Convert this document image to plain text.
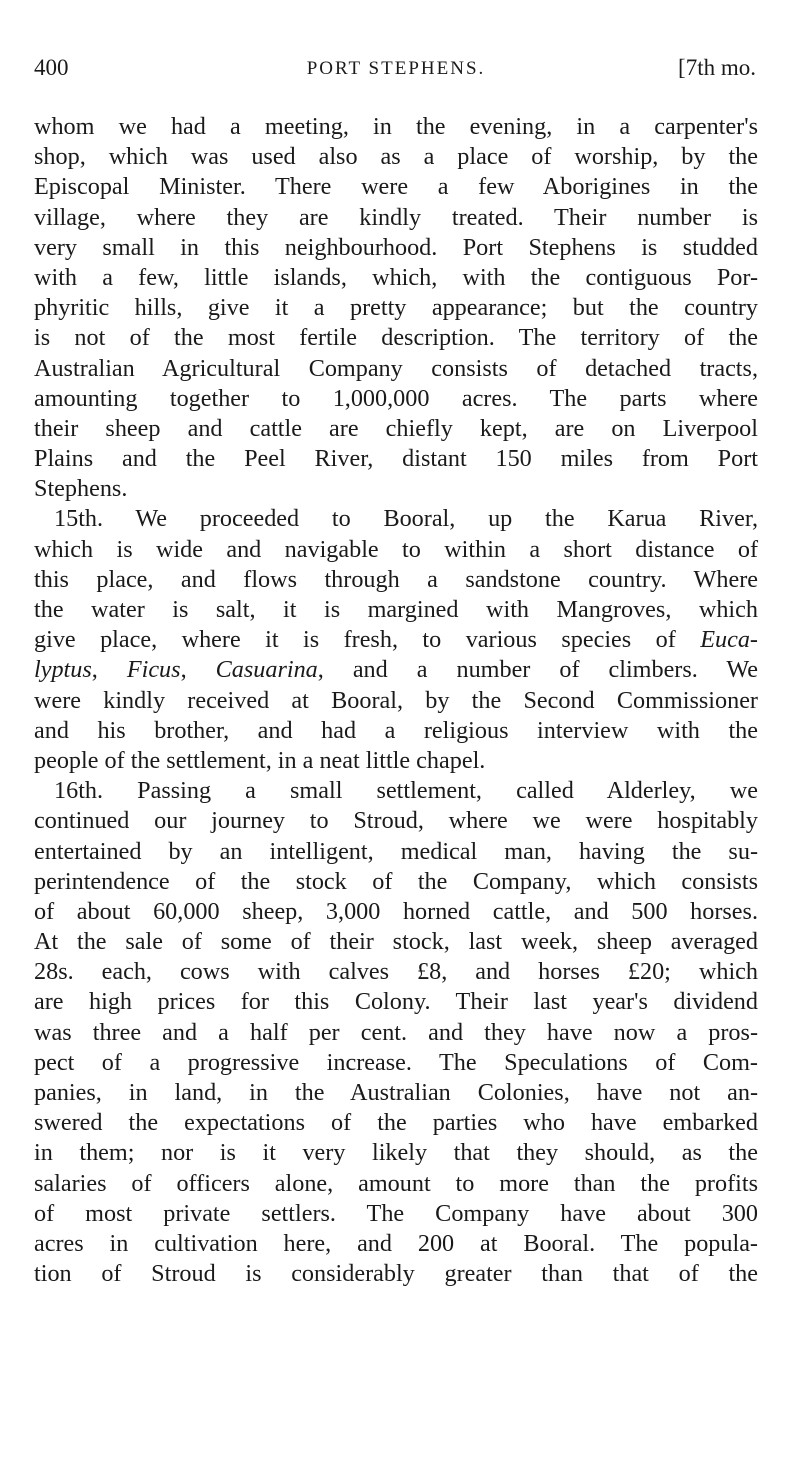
400	PORT STEPHENS.	[7th mo.
whom we had a meeting, in the evening, in a carpenter's
shop, which was used also as a place of worship, by the
Episcopal Minister. There were a few Aborigines in the
village, where they are kindly treated. Their number is
very small in this neighbourhood. Port Stephens is studded
with a few, little islands, which, with the contiguous Por-
phyritic hills, give it a pretty appearance; but the country
is not of the most fertile description. The territory of the
Australian Agricultural Company consists of detached tracts,
amounting together to 1,000,000 acres. The parts where
their sheep and cattle are chiefly kept, are on Liverpool
Plains and the Peel River, distant 150 miles from Port
Stephens.
15th. We proceeded to Booral, up the Karua River,
which is wide and navigable to within a short distance of
this place, and flows through a sandstone country. Where
the water is salt, it is margined with Mangroves, which
give place, where it is fresh, to various species of Euca-
lyptus, Ficus, Casuarina, and a number of climbers. We
were kindly received at Booral, by the Second Commissioner
and his brother, and had a religious interview with the
people of the settlement, in a neat little chapel.
16th. Passing a small settlement, called Alderley, we
continued our journey to Stroud, where we were hospitably
entertained by an intelligent, medical man, having the su-
perintendence of the stock of the Company, which consists
of about 60,000 sheep, 3,000 horned cattle, and 500 horses.
At the sale of some of their stock, last week, sheep averaged
28s. each, cows with calves £8, and horses £20; which
are high prices for this Colony. Their last year's dividend
was three and a half per cent. and they have now a pros-
pect of a progressive increase. The Speculations of Com-
panies, in land, in the Australian Colonies, have not an-
swered the expectations of the parties who have embarked
in them; nor is it very likely that they should, as the
salaries of officers alone, amount to more than the profits
of most private settlers. The Company have about 300
acres in cultivation here, and 200 at Booral. The popula-
tion of Stroud is considerably greater than that of the
